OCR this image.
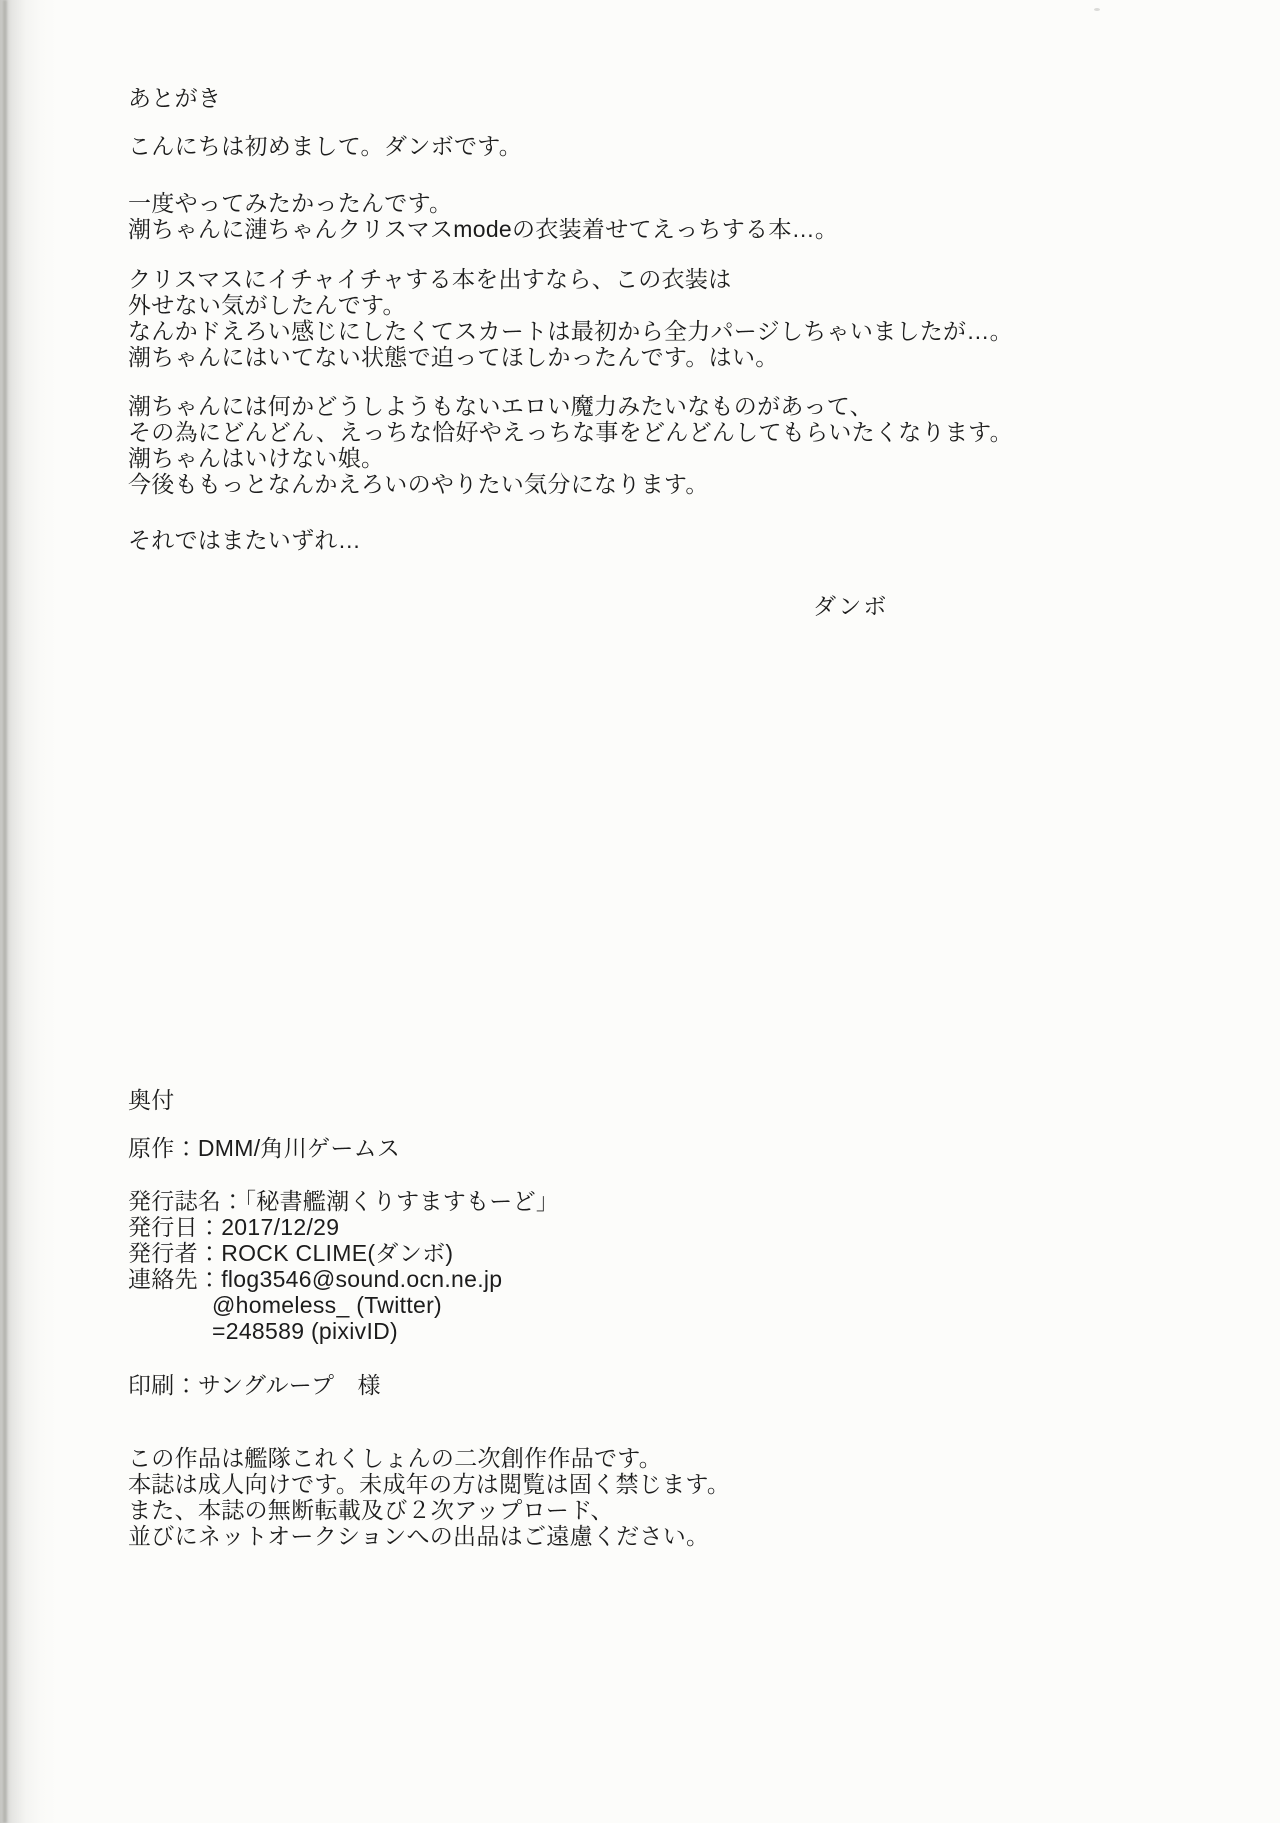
あとがき
こんにちは初めまして。ダンボです。
一度やってみたかったんです。
潮ちゃんに漣ちゃんクリスマスmodeの衣装着せてえっちする本…。
クリスマスにイチャイチャする本を出すなら、この衣装は
外せない気がしたんです。
なんかドえろい感じにしたくてスカートは最初から全力パージしちゃいましたが…。
潮ちゃんにはいてない状態で迫ってほしかったんです。はい。
潮ちゃんには何かどうしようもないエロい魔力みたいなものがあって、
その為にどんどん、えっちな恰好やえっちな事をどんどんしてもらいたくなります。
潮ちゃんはいけない娘。
今後ももっとなんかえろいのやりたい気分になります。
それではまたいずれ…
ダンボ
奥付
原作：DMM/角川ゲームス
発行誌名：「秘書艦潮くりすますもーど」
発行日：2017/12/29
発行者：ROCK CLIME(ダンボ)
連絡先：flog3546@sound.ocn.ne.jp
@homeless_ (Twitter)
=248589 (pixivID)
印刷：サングループ　様
この作品は艦隊これくしょんの二次創作作品です。
本誌は成人向けです。未成年の方は閲覧は固く禁じます。
また、本誌の無断転載及び２次アップロード、
並びにネットオークションへの出品はご遠慮ください。
